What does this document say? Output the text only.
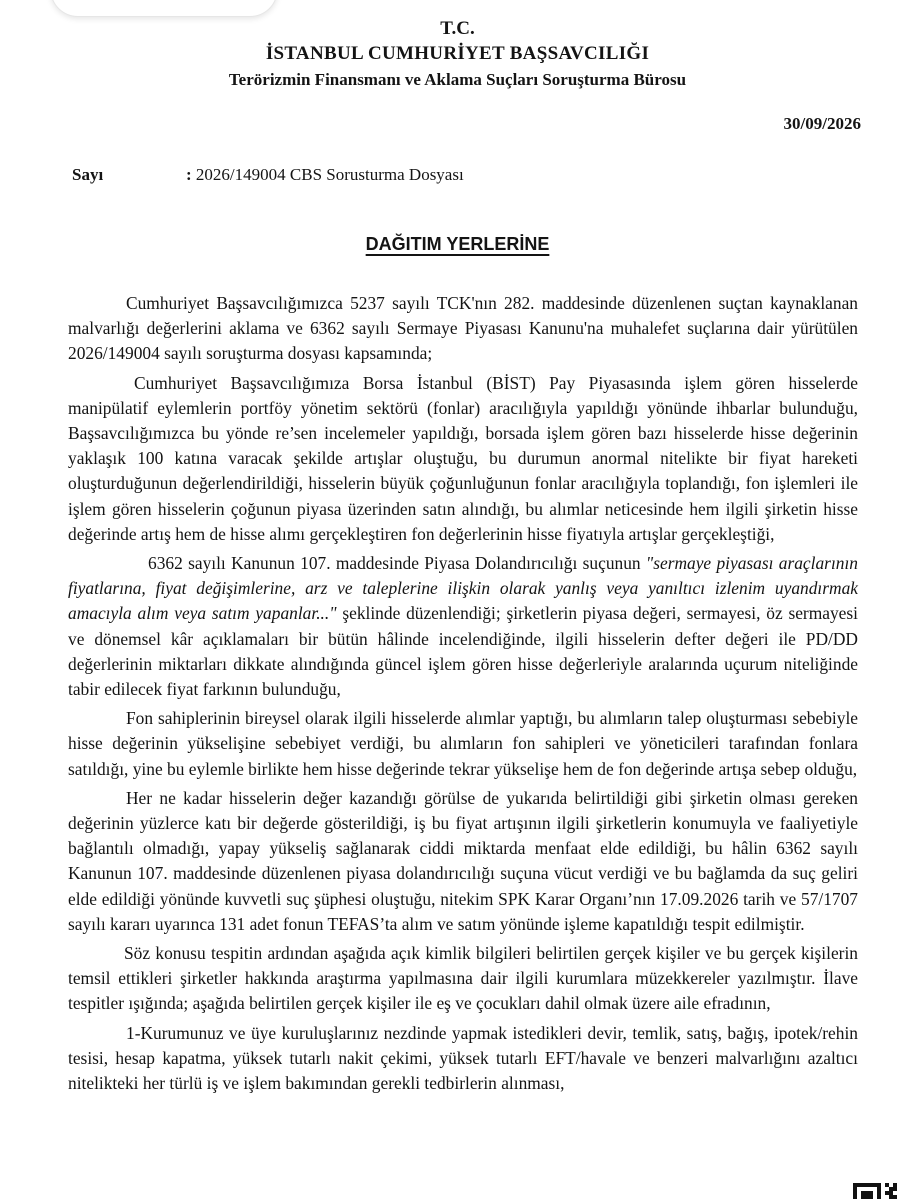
T.C.
İSTANBUL CUMHURİYET BAŞSAVCILIĞI
Terörizmin Finansmanı ve Aklama Suçları Soruşturma Bürosu
30/09/2026
Sayı	: 2026/149004 CBS Sorusturma Dosyası
DAĞITIM YERLERİNE

Cumhuriyet Başsavcılığımızca 5237 sayılı TCK'nın 282. maddesinde düzenlenen suçtan kaynaklanan malvarlığı değerlerini aklama ve 6362 sayılı Sermaye Piyasası Kanunu'na muhalefet suçlarına dair yürütülen 2026/149004 sayılı soruşturma dosyası kapsamında;

Cumhuriyet Başsavcılığımıza Borsa İstanbul (BİST) Pay Piyasasında işlem gören hisselerde manipülatif eylemlerin portföy yönetim sektörü (fonlar) aracılığıyla yapıldığı yönünde ihbarlar bulunduğu, Başsavcılığımızca bu yönde re’sen incelemeler yapıldığı, borsada işlem gören bazı hisselerde hisse değerinin yaklaşık 100 katına varacak şekilde artışlar oluştuğu, bu durumun anormal nitelikte bir fiyat hareketi oluşturduğunun değerlendirildiği, hisselerin büyük çoğunluğunun fonlar aracılığıyla toplandığı, fon işlemleri ile işlem gören hisselerin çoğunun piyasa üzerinden satın alındığı, bu alımlar neticesinde hem ilgili şirketin hisse değerinde artış hem de hisse alımı gerçekleştiren fon değerlerinin hisse fiyatıyla artışlar gerçekleştiği,

6362 sayılı Kanunun 107. maddesinde Piyasa Dolandırıcılığı suçunun "sermaye piyasası araçlarının fiyatlarına, fiyat değişimlerine, arz ve taleplerine ilişkin olarak yanlış veya yanıltıcı izlenim uyandırmak amacıyla alım veya satım yapanlar..." şeklinde düzenlendiği; şirketlerin piyasa değeri, sermayesi, öz sermayesi ve dönemsel kâr açıklamaları bir bütün hâlinde incelendiğinde, ilgili hisselerin defter değeri ile PD/DD değerlerinin miktarları dikkate alındığında güncel işlem gören hisse değerleriyle aralarında uçurum niteliğinde tabir edilecek fiyat farkının bulunduğu,

Fon sahiplerinin bireysel olarak ilgili hisselerde alımlar yaptığı, bu alımların talep oluşturması sebebiyle hisse değerinin yükselişine sebebiyet verdiği, bu alımların fon sahipleri ve yöneticileri tarafından fonlara satıldığı, yine bu eylemle birlikte hem hisse değerinde tekrar yükselişe hem de fon değerinde artışa sebep olduğu,

Her ne kadar hisselerin değer kazandığı görülse de yukarıda belirtildiği gibi şirketin olması gereken değerinin yüzlerce katı bir değerde gösterildiği, iş bu fiyat artışının ilgili şirketlerin konumuyla ve faaliyetiyle bağlantılı olmadığı, yapay yükseliş sağlanarak ciddi miktarda menfaat elde edildiği, bu hâlin 6362 sayılı Kanunun 107. maddesinde düzenlenen piyasa dolandırıcılığı suçuna vücut verdiği ve bu bağlamda da suç geliri elde edildiği yönünde kuvvetli suç şüphesi oluştuğu, nitekim SPK Karar Organı’nın 17.09.2026 tarih ve 57/1707 sayılı kararı uyarınca 131 adet fonun TEFAS’ta alım ve satım yönünde işleme kapatıldığı tespit edilmiştir.

Söz konusu tespitin ardından aşağıda açık kimlik bilgileri belirtilen gerçek kişiler ve bu gerçek kişilerin temsil ettikleri şirketler hakkında araştırma yapılmasına dair ilgili kurumlara müzekkereler yazılmıştır. İlave tespitler ışığında; aşağıda belirtilen gerçek kişiler ile eş ve çocukları dahil olmak üzere aile efradının,

1-Kurumunuz ve üye kuruluşlarınız nezdinde yapmak istedikleri devir, temlik, satış, bağış, ipotek/rehin tesisi, hesap kapatma, yüksek tutarlı nakit çekimi, yüksek tutarlı EFT/havale ve benzeri malvarlığını azaltıcı nitelikteki her türlü iş ve işlem bakımından gerekli tedbirlerin alınması,
